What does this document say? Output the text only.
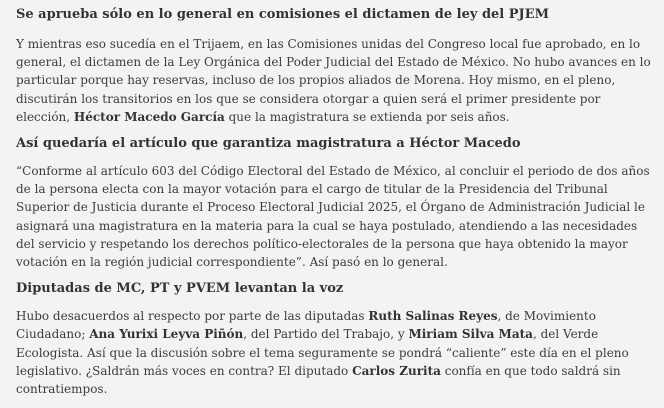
Se aprueba sólo en lo general en comisiones el dictamen de ley del PJEM

Y mientras eso sucedía en el Trijaem, en las Comisiones unidas del Congreso local fue aprobado, en lo general, el dictamen de la Ley Orgánica del Poder Judicial del Estado de México. No hubo avances en lo particular porque hay reservas, incluso de los propios aliados de Morena. Hoy mismo, en el pleno, discutirán los transitorios en los que se considera otorgar a quien será el primer presidente por elección, Héctor Macedo García que la magistratura se extienda por seis años.

Así quedaría el artículo que garantiza magistratura a Héctor Macedo

“Conforme al artículo 603 del Código Electoral del Estado de México, al concluir el periodo de dos años de la persona electa con la mayor votación para el cargo de titular de la Presidencia del Tribunal Superior de Justicia durante el Proceso Electoral Judicial 2025, el Órgano de Administración Judicial le asignará una magistratura en la materia para la cual se haya postulado, atendiendo a las necesidades del servicio y respetando los derechos político-electorales de la persona que haya obtenido la mayor votación en la región judicial correspondiente”. Así pasó en lo general.

Diputadas de MC, PT y PVEM levantan la voz

Hubo desacuerdos al respecto por parte de las diputadas Ruth Salinas Reyes, de Movimiento Ciudadano; Ana Yurixi Leyva Piñón, del Partido del Trabajo, y Miriam Silva Mata, del Verde Ecologista. Así que la discusión sobre el tema seguramente se pondrá “caliente” este día en el pleno legislativo. ¿Saldrán más voces en contra? El diputado Carlos Zurita confía en que todo saldrá sin contratiempos.
